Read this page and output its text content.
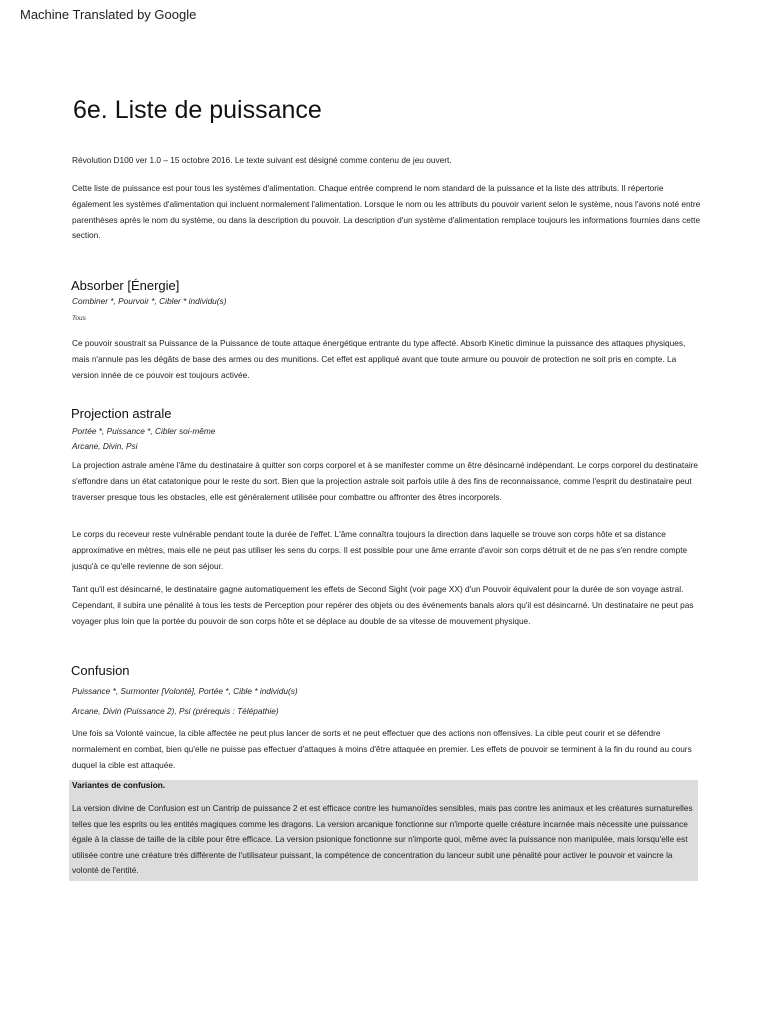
Machine Translated by Google
6e. Liste de puissance

Révolution D100 ver 1.0 – 15 octobre 2016. Le texte suivant est désigné comme contenu de jeu ouvert.

Cette liste de puissance est pour tous les systèmes d'alimentation. Chaque entrée comprend le nom standard de la puissance et la liste des attributs. Il répertorie également les systèmes d'alimentation qui incluent normalement l'alimentation. Lorsque le nom ou les attributs du pouvoir varient selon le système, nous l'avons noté entre parenthèses après le nom du système, ou dans la description du pouvoir. La description d'un système d'alimentation remplace toujours les informations fournies dans cette section.

Absorber [Énergie]

Combiner *, Pourvoir *, Cibler * individu(s)

Tous

Ce pouvoir soustrait sa Puissance de la Puissance de toute attaque énergétique entrante du type affecté. Absorb Kinetic diminue la puissance des attaques physiques, mais n'annule pas les dégâts de base des armes ou des munitions. Cet effet est appliqué avant que toute armure ou pouvoir de protection ne soit pris en compte. La version innée de ce pouvoir est toujours activée.

Projection astrale

Portée *, Puissance *, Cibler soi-même

Arcane, Divin, Psi

La projection astrale amène l'âme du destinataire à quitter son corps corporel et à se manifester comme un être désincarné indépendant. Le corps corporel du destinataire s'effondre dans un état catatonique pour le reste du sort. Bien que la projection astrale soit parfois utile à des fins de reconnaissance, comme l'esprit du destinataire peut traverser presque tous les obstacles, elle est généralement utilisée pour combattre ou affronter des êtres incorporels.

Le corps du receveur reste vulnérable pendant toute la durée de l'effet. L'âme connaîtra toujours la direction dans laquelle se trouve son corps hôte et sa distance approximative en mètres, mais elle ne peut pas utiliser les sens du corps. Il est possible pour une âme errante d'avoir son corps détruit et de ne pas s'en rendre compte jusqu'à ce qu'elle revienne de son séjour.

Tant qu'il est désincarné, le destinataire gagne automatiquement les effets de Second Sight (voir page XX) d'un Pouvoir équivalent pour la durée de son voyage astral. Cependant, il subira une pénalité à tous les tests de Perception pour repérer des objets ou des événements banals alors qu'il est désincarné. Un destinataire ne peut pas voyager plus loin que la portée du pouvoir de son corps hôte et se déplace au double de sa vitesse de mouvement physique.

Confusion

Puissance *, Surmonter [Volonté], Portée *, Cible * individu(s)

Arcane, Divin (Puissance 2), Psi (prérequis : Télépathie)

Une fois sa Volonté vaincue, la cible affectée ne peut plus lancer de sorts et ne peut effectuer que des actions non offensives. La cible peut courir et se défendre normalement en combat, bien qu'elle ne puisse pas effectuer d'attaques à moins d'être attaquée en premier. Les effets de pouvoir se terminent à la fin du round au cours duquel la cible est attaquée.

Variantes de confusion.

La version divine de Confusion est un Cantrip de puissance 2 et est efficace contre les humanoïdes sensibles, mais pas contre les animaux et les créatures surnaturelles telles que les esprits ou les entités magiques comme les dragons. La version arcanique fonctionne sur n'importe quelle créature incarnée mais nécessite une puissance égale à la classe de taille de la cible pour être efficace. La version psionique fonctionne sur n'importe quoi, même avec la puissance non manipulée, mais lorsqu'elle est utilisée contre une créature très différente de l'utilisateur puissant, la compétence de concentration du lanceur subit une pénalité pour activer le pouvoir et vaincre la volonté de l'entité.
